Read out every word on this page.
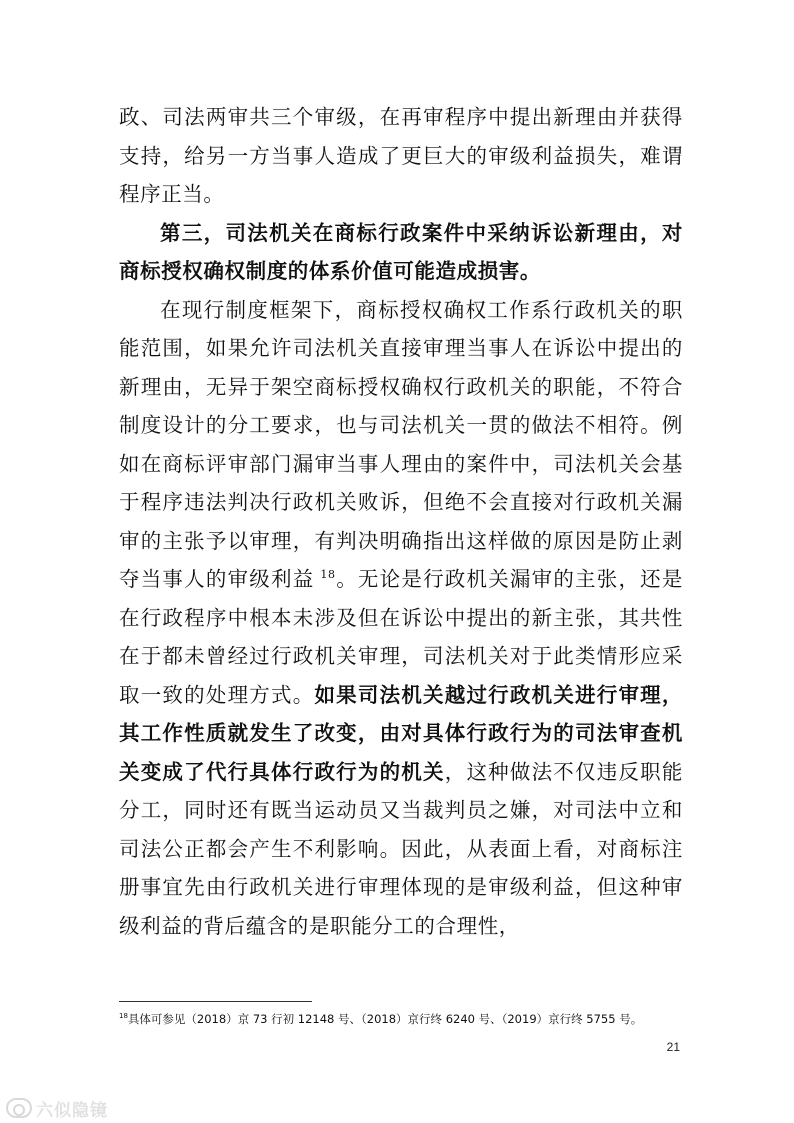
政、司法两审共三个审级，在再审程序中提出新理由并获得支持，给另一方当事人造成了更巨大的审级利益损失，难谓程序正当。

第三，司法机关在商标行政案件中采纳诉讼新理由，对商标授权确权制度的体系价值可能造成损害。

在现行制度框架下，商标授权确权工作系行政机关的职能范围，如果允许司法机关直接审理当事人在诉讼中提出的新理由，无异于架空商标授权确权行政机关的职能，不符合制度设计的分工要求，也与司法机关一贯的做法不相符。例如在商标评审部门漏审当事人理由的案件中，司法机关会基于程序违法判决行政机关败诉，但绝不会直接对行政机关漏审的主张予以审理，有判决明确指出这样做的原因是防止剥夺当事人的审级利益 $^{18}$。无论是行政机关漏审的主张，还是在行政程序中根本未涉及但在诉讼中提出的新主张，其共性在于都未曾经过行政机关审理，司法机关对于此类情形应采取一致的处理方式。如果司法机关越过行政机关进行审理，其工作性质就发生了改变，由对具体行政行为的司法审查机关变成了代行具体行政行为的机关，这种做法不仅违反职能分工，同时还有既当运动员又当裁判员之嫌，对司法中立和司法公正都会产生不利影响。因此，从表面上看，对商标注册事宜先由行政机关进行审理体现的是审级利益，但这种审级利益的背后蕴含的是职能分工的合理性，

$^{18}$具体可参见（2018）京 73 行初 12148 号、（2018）京行终 6240 号、（2019）京行终 5755 号。
21
六似隐镜
